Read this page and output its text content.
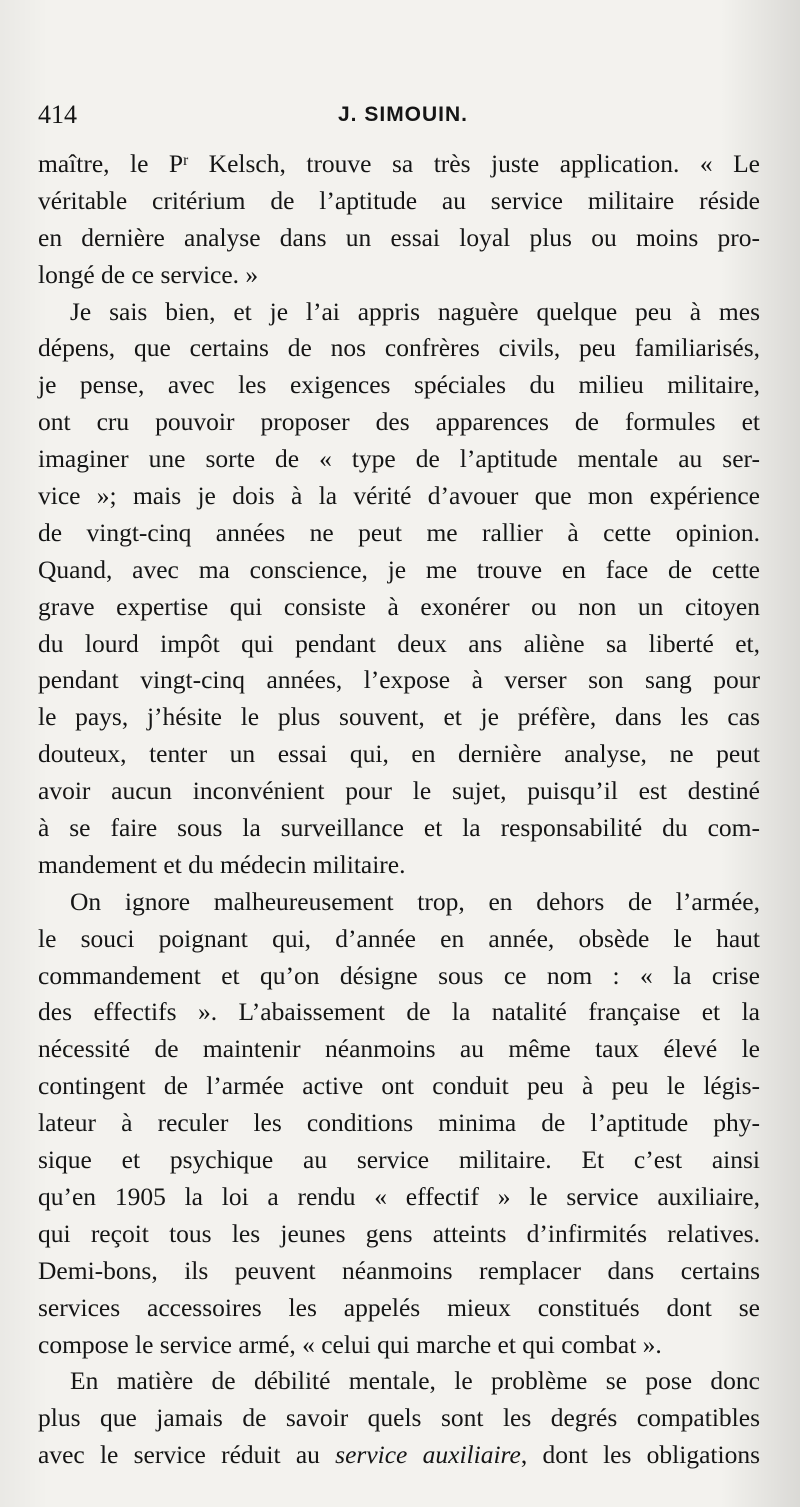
414	J. SIMOUIN.
maître, le $P^r$ Kelsch, trouve sa très juste application. « Le
véritable critérium de l’aptitude au service militaire réside
en dernière analyse dans un essai loyal plus ou moins pro-
longé de ce service. »
Je sais bien, et je l’ai appris naguère quelque peu à mes
dépens, que certains de nos confrères civils, peu familiarisés,
je pense, avec les exigences spéciales du milieu militaire,
ont cru pouvoir proposer des apparences de formules et
imaginer une sorte de « type de l’aptitude mentale au ser-
vice »; mais je dois à la vérité d’avouer que mon expérience
de vingt-cinq années ne peut me rallier à cette opinion.
Quand, avec ma conscience, je me trouve en face de cette
grave expertise qui consiste à exonérer ou non un citoyen
du lourd impôt qui pendant deux ans aliène sa liberté et,
pendant vingt-cinq années, l’expose à verser son sang pour
le pays, j’hésite le plus souvent, et je préfère, dans les cas
douteux, tenter un essai qui, en dernière analyse, ne peut
avoir aucun inconvénient pour le sujet, puisqu’il est destiné
à se faire sous la surveillance et la responsabilité du com-
mandement et du médecin militaire.
On ignore malheureusement trop, en dehors de l’armée,
le souci poignant qui, d’année en année, obsède le haut
commandement et qu’on désigne sous ce nom : « la crise
des effectifs ». L’abaissement de la natalité française et la
nécessité de maintenir néanmoins au même taux élevé le
contingent de l’armée active ont conduit peu à peu le légis-
lateur à reculer les conditions minima de l’aptitude phy-
sique et psychique au service militaire. Et c’est ainsi
qu’en 1905 la loi a rendu « effectif » le service auxiliaire,
qui reçoit tous les jeunes gens atteints d’infirmités relatives.
Demi-bons, ils peuvent néanmoins remplacer dans certains
services accessoires les appelés mieux constitués dont se
compose le service armé, « celui qui marche et qui combat ».
En matière de débilité mentale, le problème se pose donc
plus que jamais de savoir quels sont les degrés compatibles
avec le service réduit au service auxiliaire, dont les obligations
